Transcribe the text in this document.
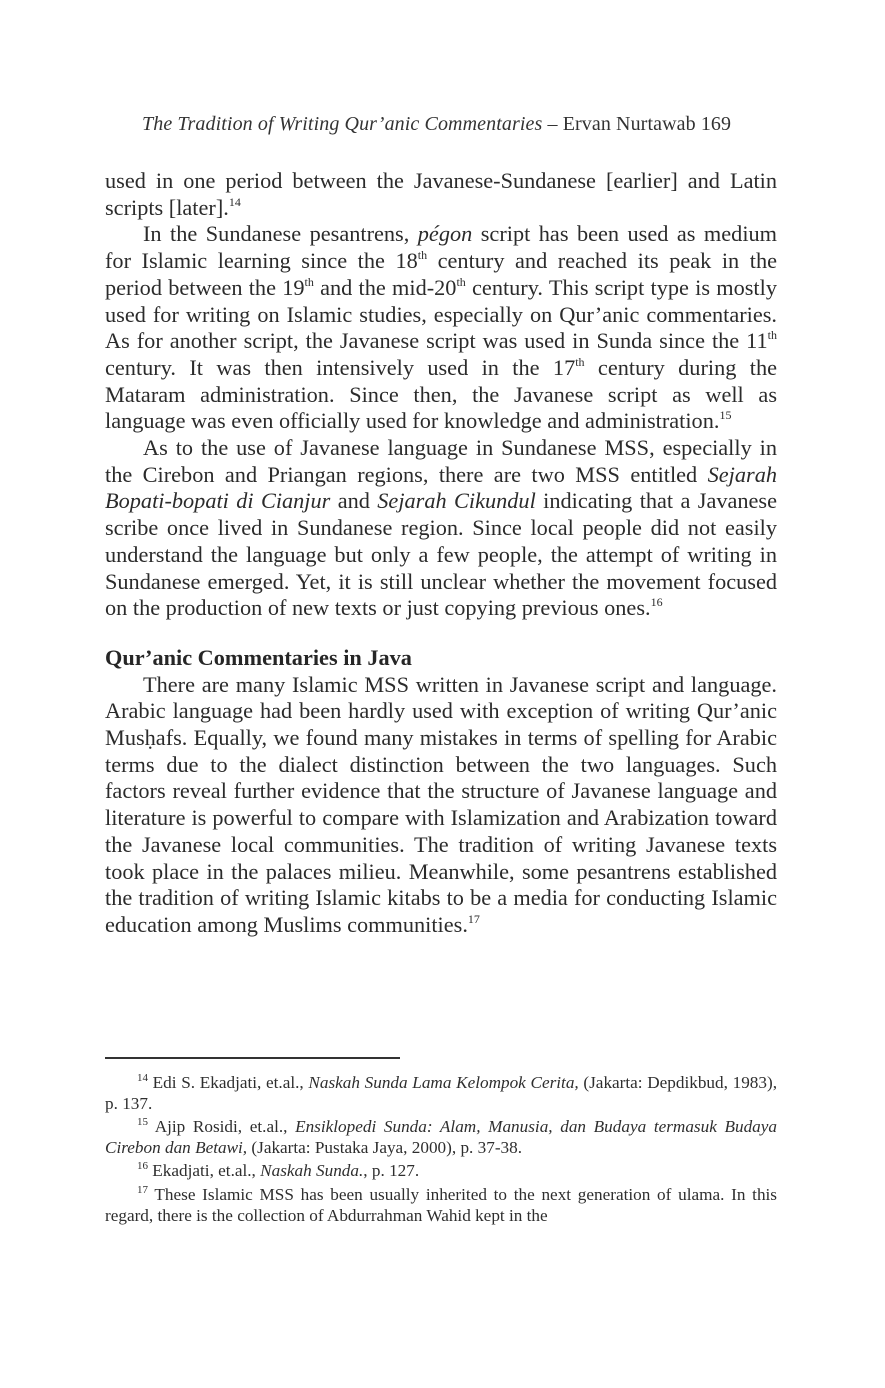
The Tradition of Writing Qur’anic Commentaries – Ervan Nurtawab 169

used in one period between the Javanese-Sundanese [earlier] and Latin scripts [later].$^{14}$

In the Sundanese pesantrens, pégon script has been used as medium for Islamic learning since the 18th century and reached its peak in the period between the 19th and the mid-20th century. This script type is mostly used for writing on Islamic studies, especially on Qur’anic commentaries. As for another script, the Javanese script was used in Sunda since the 11th century. It was then intensively used in the 17th century during the Mataram administration. Since then, the Javanese script as well as language was even officially used for knowledge and administration.$^{15}$

As to the use of Javanese language in Sundanese MSS, especially in the Cirebon and Priangan regions, there are two MSS entitled Sejarah Bopati-bopati di Cianjur and Sejarah Cikundul indicating that a Javanese scribe once lived in Sundanese region. Since local people did not easily understand the language but only a few people, the attempt of writing in Sundanese emerged. Yet, it is still unclear whether the movement focused on the production of new texts or just copying previous ones.$^{16}$

Qur’anic Commentaries in Java

There are many Islamic MSS written in Javanese script and language. Arabic language had been hardly used with exception of writing Qur’anic Musḥafs. Equally, we found many mistakes in terms of spelling for Arabic terms due to the dialect distinction between the two languages. Such factors reveal further evidence that the structure of Javanese language and literature is powerful to compare with Islamization and Arabization toward the Javanese local communities. The tradition of writing Javanese texts took place in the palaces milieu. Meanwhile, some pesantrens established the tradition of writing Islamic kitabs to be a media for conducting Islamic education among Muslims communities.$^{17}$

$^{14}$ Edi S. Ekadjati, et.al., Naskah Sunda Lama Kelompok Cerita, (Jakarta: Depdikbud, 1983), p. 137.

$^{15}$ Ajip Rosidi, et.al., Ensiklopedi Sunda: Alam, Manusia, dan Budaya termasuk Budaya Cirebon dan Betawi, (Jakarta: Pustaka Jaya, 2000), p. 37-38.

$^{16}$ Ekadjati, et.al., Naskah Sunda., p. 127.

$^{17}$ These Islamic MSS has been usually inherited to the next generation of ulama. In this regard, there is the collection of Abdurrahman Wahid kept in the
